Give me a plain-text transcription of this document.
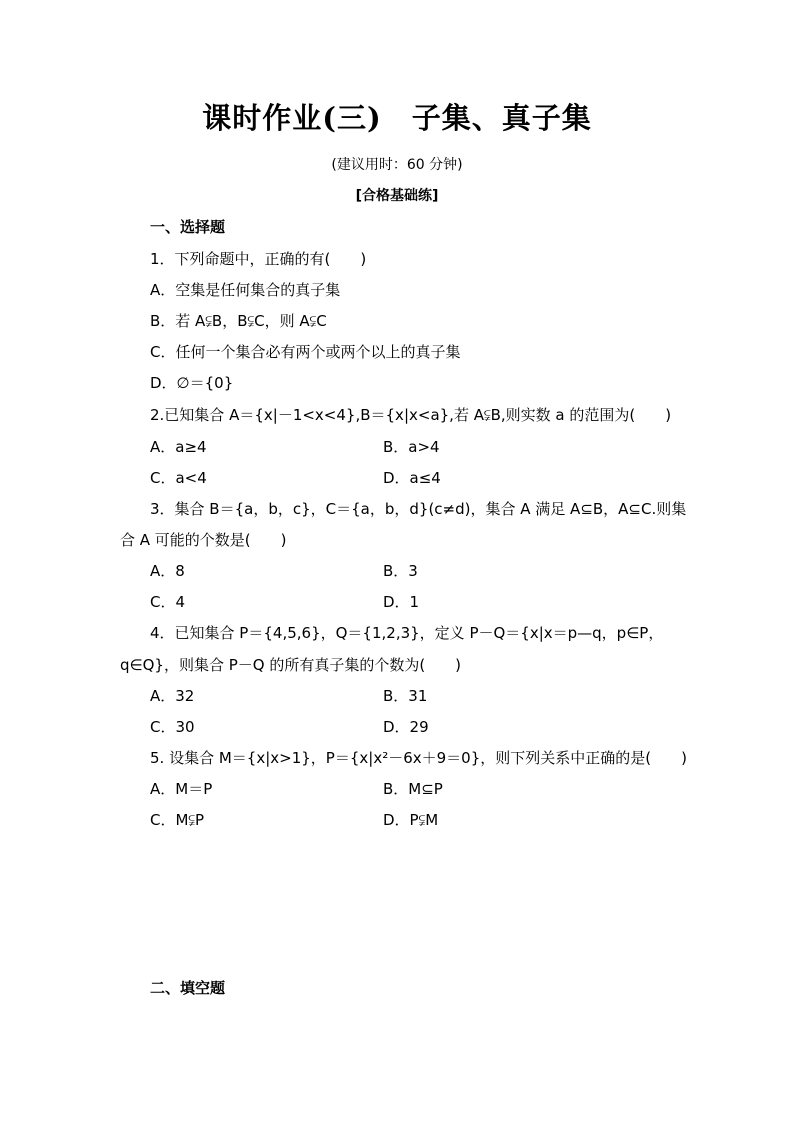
课时作业(三)　子集、真子集
(建议用时：60 分钟)
[合格基础练]
一、选择题
1．下列命题中，正确的有(　　)
A．空集是任何集合的真子集
B．若 A⫋B，B⫋C，则 A⫋C
C．任何一个集合必有两个或两个以上的真子集
D．∅＝{0}
2.已知集合 A＝{x|－1<x<4},B＝{x|x<a},若 A⫋B,则实数 a 的范围为(　　)
A．a≥4	B．a>4
C．a<4	D．a≤4
3．集合 B＝{a，b，c}，C＝{a，b，d}(c≠d)，集合 A 满足 A⊆B，A⊆C.则集
合 A 可能的个数是(　　)
A．8	B．3
C．4	D．1
4．已知集合 P＝{4,5,6}，Q＝{1,2,3}，定义 P－Q＝{x|x＝p—q，p∈P，
q∈Q}，则集合 P－Q 的所有真子集的个数为(　　)
A．32	B．31
C．30	D．29
5. 设集合 M＝{x|x>1}，P＝{x|x²－6x＋9＝0}，则下列关系中正确的是(　　)
A．M＝P	B．M⊆P
C．M⫋P	D．P⫋M
二、填空题
